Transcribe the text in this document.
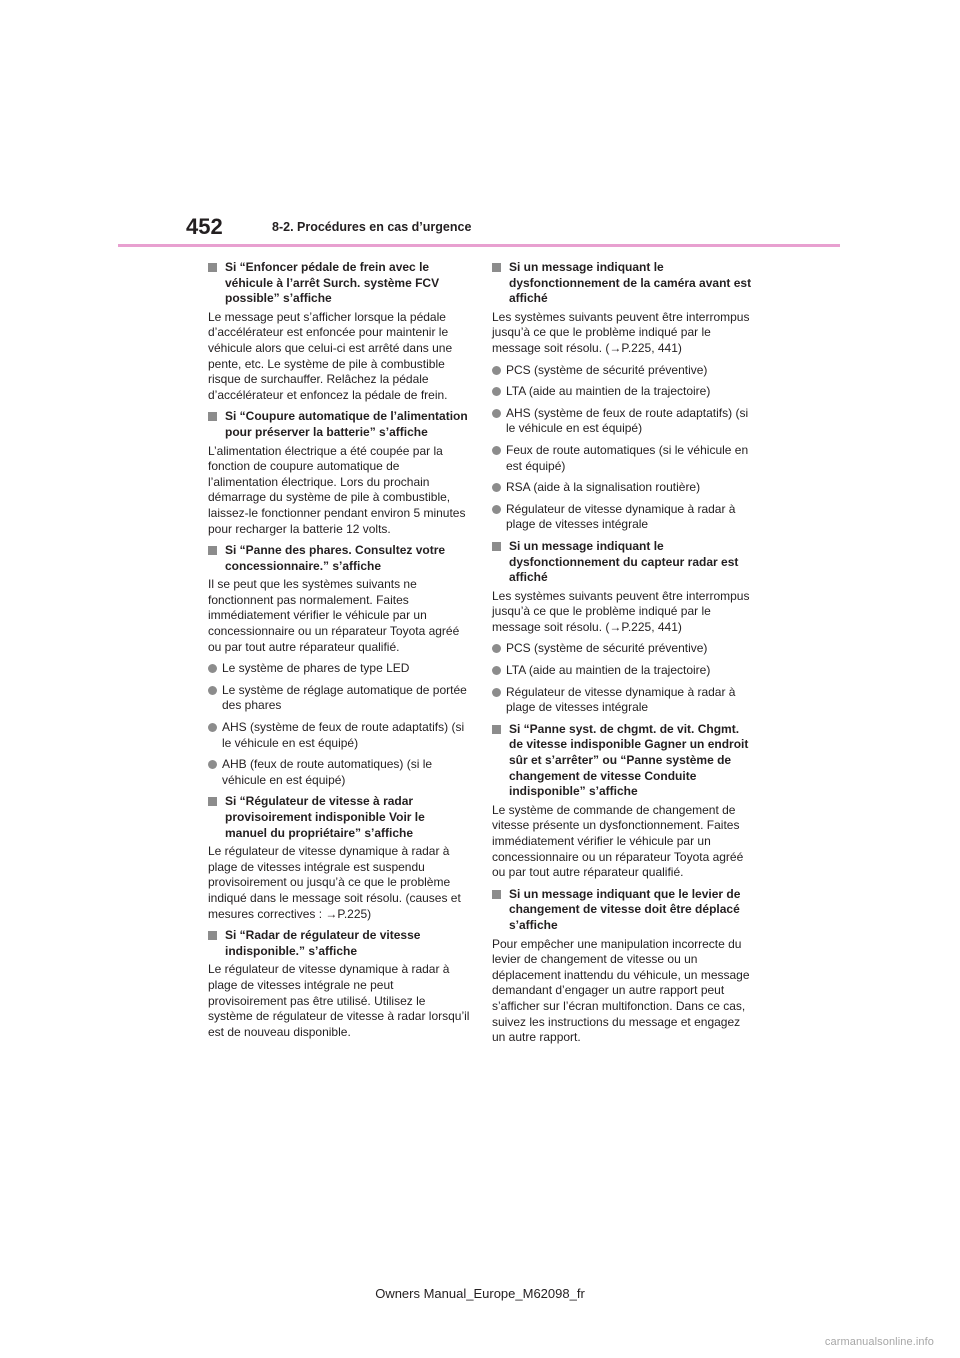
452	8-2. Procédures en cas d’urgence
Si “Enfoncer pédale de frein avec le véhicule à l’arrêt Surch. système FCV possible” s’affiche
Le message peut s’afficher lorsque la pédale d’accélérateur est enfoncée pour maintenir le véhicule alors que celui-ci est arrêté dans une pente, etc. Le système de pile à combustible risque de surchauffer. Relâchez la pédale d’accélérateur et enfoncez la pédale de frein.
Si “Coupure automatique de l’alimentation pour préserver la batterie” s’affiche
L’alimentation électrique a été coupée par la fonction de coupure automatique de l’alimentation électrique. Lors du prochain démarrage du système de pile à combustible, laissez-le fonctionner pendant environ 5 minutes pour recharger la batterie 12 volts.
Si “Panne des phares. Consultez votre concessionnaire.” s’affiche
Il se peut que les systèmes suivants ne fonctionnent pas normalement. Faites immédiatement vérifier le véhicule par un concessionnaire ou un réparateur Toyota agréé ou par tout autre réparateur qualifié.
Le système de phares de type LED
Le système de réglage automatique de portée des phares
AHS (système de feux de route adaptatifs) (si le véhicule en est équipé)
AHB (feux de route automatiques) (si le véhicule en est équipé)
Si “Régulateur de vitesse à radar provisoirement indisponible Voir le manuel du propriétaire” s’affiche
Le régulateur de vitesse dynamique à radar à plage de vitesses intégrale est suspendu provisoirement ou jusqu’à ce que le problème indiqué dans le message soit résolu. (causes et mesures correctives : →P.225)
Si “Radar de régulateur de vitesse indisponible.” s’affiche
Le régulateur de vitesse dynamique à radar à plage de vitesses intégrale ne peut provisoirement pas être utilisé. Utilisez le système de régulateur de vitesse à radar lorsqu’il est de nouveau disponible.
Si un message indiquant le dysfonctionnement de la caméra avant est affiché
Les systèmes suivants peuvent être interrompus jusqu’à ce que le problème indiqué par le message soit résolu. (→P.225, 441)
PCS (système de sécurité préventive)
LTA (aide au maintien de la trajectoire)
AHS (système de feux de route adaptatifs) (si le véhicule en est équipé)
Feux de route automatiques (si le véhicule en est équipé)
RSA (aide à la signalisation routière)
Régulateur de vitesse dynamique à radar à plage de vitesses intégrale
Si un message indiquant le dysfonctionnement du capteur radar est affiché
Les systèmes suivants peuvent être interrompus jusqu’à ce que le problème indiqué par le message soit résolu. (→P.225, 441)
PCS (système de sécurité préventive)
LTA (aide au maintien de la trajectoire)
Régulateur de vitesse dynamique à radar à plage de vitesses intégrale
Si “Panne syst. de chgmt. de vit. Chgmt. de vitesse indisponible Gagner un endroit sûr et s’arrêter” ou “Panne système de changement de vitesse Conduite indisponible” s’affiche
Le système de commande de changement de vitesse présente un dysfonctionnement. Faites immédiatement vérifier le véhicule par un concessionnaire ou un réparateur Toyota agréé ou par tout autre réparateur qualifié.
Si un message indiquant que le levier de changement de vitesse doit être déplacé s’affiche
Pour empêcher une manipulation incorrecte du levier de changement de vitesse ou un déplacement inattendu du véhicule, un message demandant d’engager un autre rapport peut s’afficher sur l’écran multifonction. Dans ce cas, suivez les instructions du message et engagez un autre rapport.
Owners Manual_Europe_M62098_fr
carmanualsonline.info
